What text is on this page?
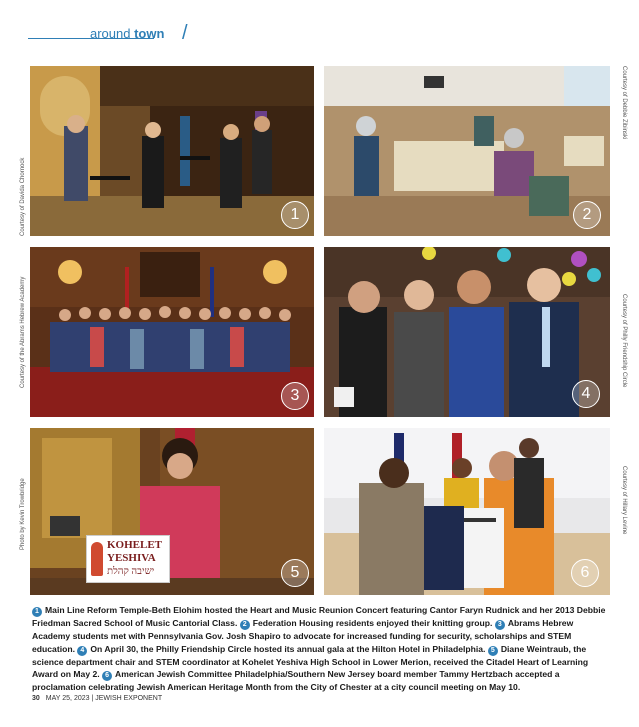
around town /
1
Courtesy of Davida Chornock	2
Courtesy of Debbie Zibinski
3
Courtesy of the Abrams Hebrew Academy
4
Courtesy of Philly Friendship Circle
KOHELET
YESHIVA
ישיבה קהלת	5
Photo by Kevin Trowbridge
6
Courtesy of Hillary Levine
1 Main Line Reform Temple-Beth Elohim hosted the Heart and Music Reunion Concert featuring Cantor Faryn Rudnick and her 2013 Debbie Friedman Sacred School of Music Cantorial Class. 2 Federation Housing residents enjoyed their knitting group. 3 Abrams Hebrew Academy students met with Pennsylvania Gov. Josh Shapiro to advocate for increased funding for security, scholarships and STEM education. 4 On April 30, the Philly Friendship Circle hosted its annual gala at the Hilton Hotel in Philadelphia. 5 Diane Weintraub, the science department chair and STEM coordinator at Kohelet Yeshiva High School in Lower Merion, received the Citadel Heart of Learning Award on May 2. 6 American Jewish Committee Philadelphia/Southern New Jersey board member Tammy Hertzbach accepted a proclamation celebrating Jewish American Heritage Month from the City of Chester at a city council meeting on May 10.
30 MAY 25, 2023 | JEWISH EXPONENT
